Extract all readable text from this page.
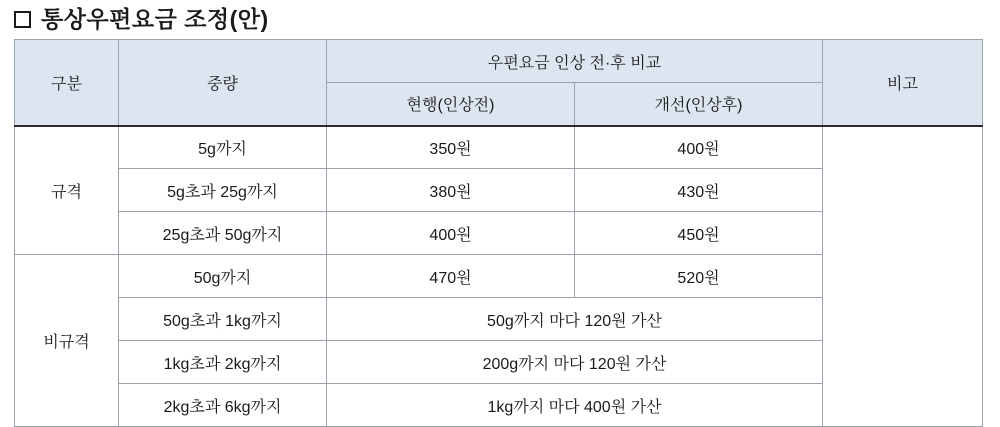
통상우편요금 조정(안)
구분	중량	우편요금 인상 전·후 비교		비고
		현행(인상전)	개선(인상후)	
규격	5g까지	350원	400원	
	5g초과 25g까지	380원	430원	
	25g초과 50g까지	400원	450원	
비규격	50g까지	470원	520원	
	50g초과 1kg까지	50g까지 마다 120원 가산		
	1kg초과 2kg까지	200g까지 마다 120원 가산		
	2kg초과 6kg까지	1kg까지 마다 400원 가산		
